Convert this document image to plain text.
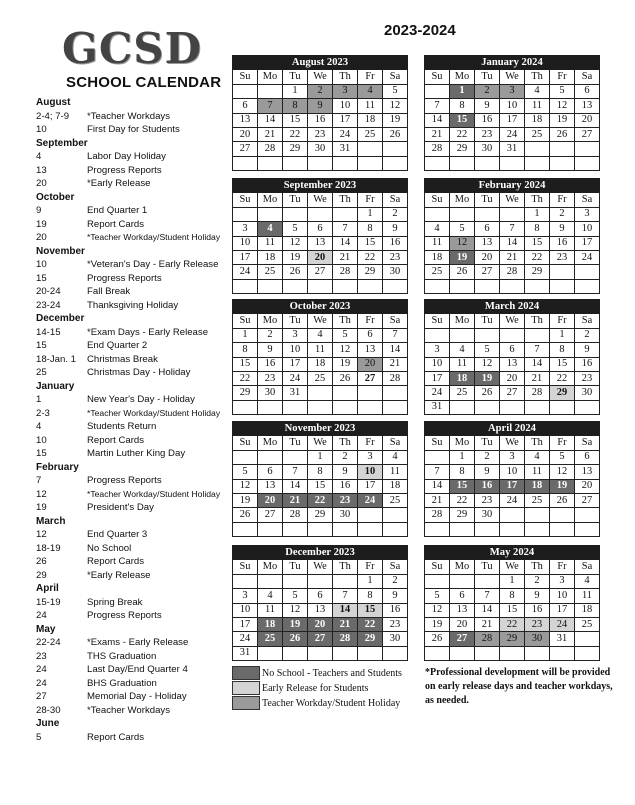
GCSD
SCHOOL CALENDAR
2023-2024
August
2-4; 7-9 *Teacher Workdays
10	First Day for Students
September
4	Labor Day Holiday
13	Progress Reports
20	*Early Release
October
9	End Quarter 1
19	Report Cards
20	*Teacher Workday/Student Holiday
November
10	*Veteran's Day - Early Release
15	Progress Reports
20-24	Fall Break
23-24	Thanksgiving Holiday
December
14-15	*Exam Days - Early Release
15	End Quarter 2
18-Jan. 1 Christmas Break
25	Christmas Day - Holiday
January
1	New Year's Day - Holiday
2-3	*Teacher Workday/Student Holiday
4	Students Return
10	Report Cards
15	Martin Luther King Day
February
7	Progress Reports
12	*Teacher Workday/Student Holiday
19	President's Day
March
12	End Quarter 3
18-19	No School
26	Report Cards
29	*Early Release
April
15-19	Spring Break
24	Progress Reports
May
22-24	*Exams - Early Release
23	THS Graduation
24	Last Day/End Quarter 4
24	BHS Graduation
27	Memorial Day - Holiday
28-30	*Teacher Workdays
June
5	Report Cards
August 2023						
Su	Mo	Tu	We	Th	Fr	Sa
		1	2	3	4	5
6	7	8	9	10	11	12
13	14	15	16	17	18	19
20	21	22	23	24	25	26
27	28	29	30	31		

September 2023						
Su	Mo	Tu	We	Th	Fr	Sa
					1	2
3	4	5	6	7	8	9
10	11	12	13	14	15	16
17	18	19	20	21	22	23
24	25	26	27	28	29	30

October 2023						
Su	Mo	Tu	We	Th	Fr	Sa
1	2	3	4	5	6	7
8	9	10	11	12	13	14
15	16	17	18	19	20	21
22	23	24	25	26	27	28
29	30	31				

November 2023						
Su	Mo	Tu	We	Th	Fr	Sa
			1	2	3	4
5	6	7	8	9	10	11
12	13	14	15	16	17	18
19	20	21	22	23	24	25
26	27	28	29	30		

December 2023						
Su	Mo	Tu	We	Th	Fr	Sa
					1	2
3	4	5	6	7	8	9
10	11	12	13	14	15	16
17	18	19	20	21	22	23
24	25	26	27	28	29	30
31						
January 2024						
Su	Mo	Tu	We	Th	Fr	Sa
	1	2	3	4	5	6
7	8	9	10	11	12	13
14	15	16	17	18	19	20
21	22	23	24	25	26	27
28	29	30	31			

February 2024						
Su	Mo	Tu	We	Th	Fr	Sa
				1	2	3
4	5	6	7	8	9	10
11	12	13	14	15	16	17
18	19	20	21	22	23	24
25	26	27	28	29		

March 2024						
Su	Mo	Tu	We	Th	Fr	Sa
					1	2
3	4	5	6	7	8	9
10	11	12	13	14	15	16
17	18	19	20	21	22	23
24	25	26	27	28	29	30
31						
April 2024						
Su	Mo	Tu	We	Th	Fr	Sa
	1	2	3	4	5	6
7	8	9	10	11	12	13
14	15	16	17	18	19	20
21	22	23	24	25	26	27
28	29	30				

May 2024						
Su	Mo	Tu	We	Th	Fr	Sa
			1	2	3	4
5	6	7	8	9	10	11
12	13	14	15	16	17	18
19	20	21	22	23	24	25
26	27	28	29	30	31	

No School - Teachers and Students
Early Release for Students
Teacher Workday/Student Holiday
*Professional development will be provided on early release days and teacher workdays, as needed.
